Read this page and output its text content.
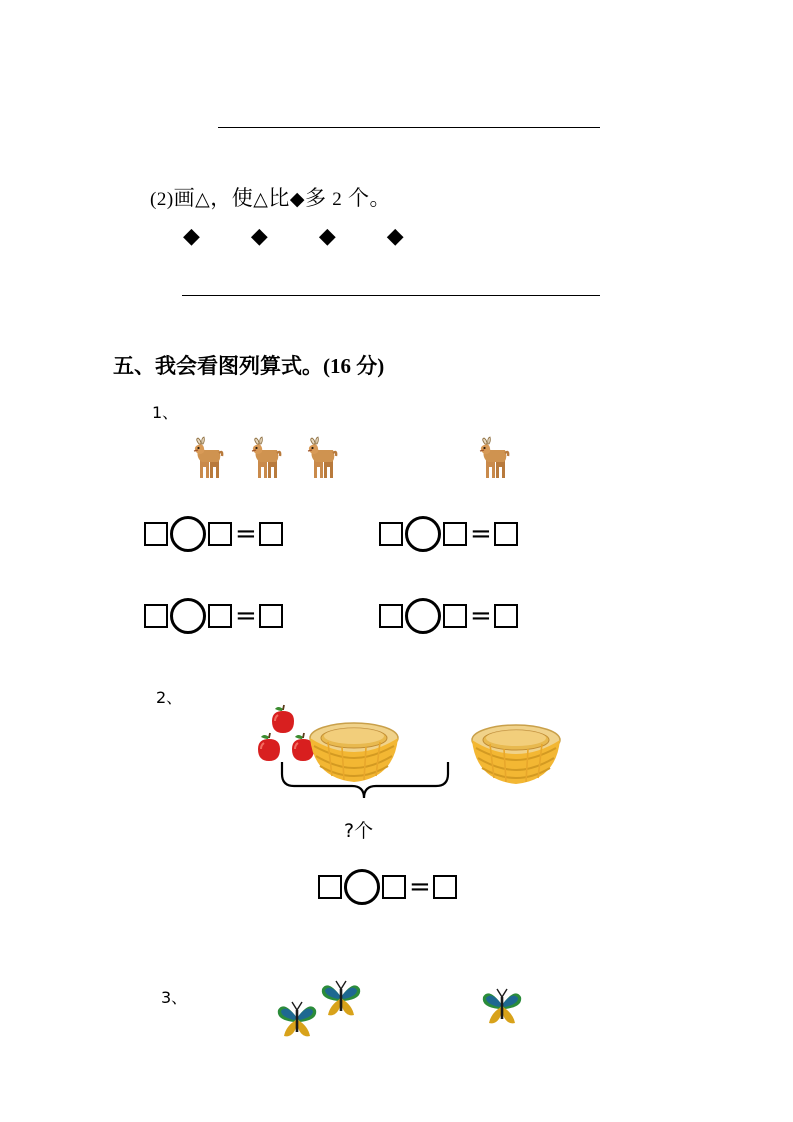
(2)画△，使△比◆多 2 个。
◆ ◆ ◆ ◆
五、我会看图列算式。(16 分)
1、
=	=
=	=
2、
?个
=
3、
